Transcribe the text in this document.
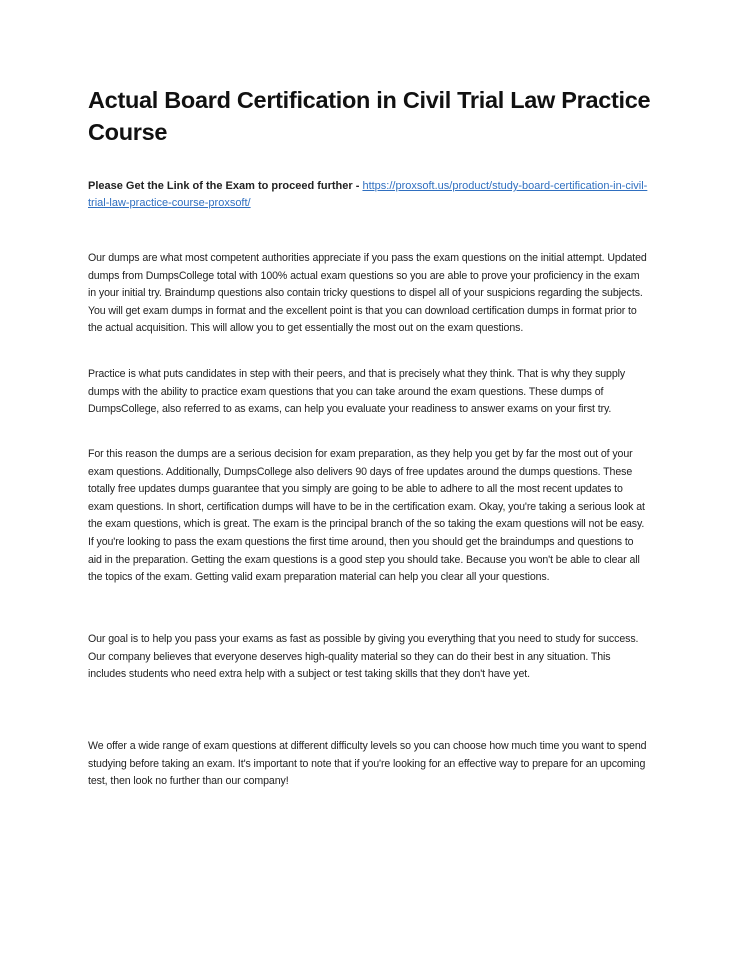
Actual Board Certification in Civil Trial Law Practice Course

Please Get the Link of the Exam to proceed further - https://proxsoft.us/product/study-board-certification-in-civil-trial-law-practice-course-proxsoft/

Our dumps are what most competent authorities appreciate if you pass the exam questions on the initial attempt. Updated dumps from DumpsCollege total with 100% actual exam questions so you are able to prove your proficiency in the exam in your initial try. Braindump questions also contain tricky questions to dispel all of your suspicions regarding the subjects. You will get exam dumps in format and the excellent point is that you can download certification dumps in format prior to the actual acquisition. This will allow you to get essentially the most out on the exam questions.

Practice is what puts candidates in step with their peers, and that is precisely what they think. That is why they supply dumps with the ability to practice exam questions that you can take around the exam questions. These dumps of DumpsCollege, also referred to as exams, can help you evaluate your readiness to answer exams on your first try.

For this reason the dumps are a serious decision for exam preparation, as they help you get by far the most out of your exam questions. Additionally, DumpsCollege also delivers 90 days of free updates around the dumps questions. These totally free updates dumps guarantee that you simply are going to be able to adhere to all the most recent updates to exam questions. In short, certification dumps will have to be in the certification exam. Okay, you're taking a serious look at the exam questions, which is great. The exam is the principal branch of the so taking the exam questions will not be easy. If you're looking to pass the exam questions the first time around, then you should get the braindumps and questions to aid in the preparation. Getting the exam questions is a good step you should take. Because you won't be able to clear all the topics of the exam. Getting valid exam preparation material can help you clear all your questions.

Our goal is to help you pass your exams as fast as possible by giving you everything that you need to study for success. Our company believes that everyone deserves high-quality material so they can do their best in any situation. This includes students who need extra help with a subject or test taking skills that they don't have yet.

We offer a wide range of exam questions at different difficulty levels so you can choose how much time you want to spend studying before taking an exam. It's important to note that if you're looking for an effective way to prepare for an upcoming test, then look no further than our company!
